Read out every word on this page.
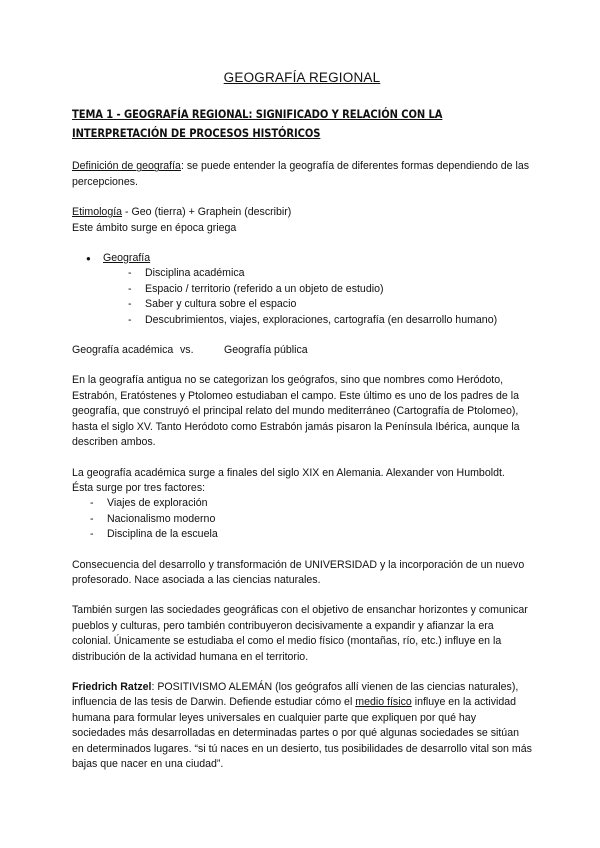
GEOGRAFÍA REGIONAL
TEMA 1 - GEOGRAFÍA REGIONAL: SIGNIFICADO Y RELACIÓN CON LA INTERPRETACIÓN DE PROCESOS HISTÓRICOS

Definición de geografía: se puede entender la geografía de diferentes formas dependiendo de las percepciones.

Etimología - Geo (tierra) + Graphein (describir)

Este ámbito surge en época griega

● Geografía
- Disciplina académica
- Espacio / territorio (referido a un objeto de estudio)
- Saber y cultura sobre el espacio
- Descubrimientos, viajes, exploraciones, cartografía (en desarrollo humano)

Geografía académica vs.	Geografía pública

En la geografía antigua no se categorizan los geógrafos, sino que nombres como Heródoto, Estrabón, Eratóstenes y Ptolomeo estudiaban el campo. Este último es uno de los padres de la geografía, que construyó el principal relato del mundo mediterráneo (Cartografía de Ptolomeo), hasta el siglo XV. Tanto Heródoto como Estrabón jamás pisaron la Península Ibérica, aunque la describen ambos.

La geografía académica surge a finales del siglo XIX en Alemania. Alexander von Humboldt.

Ésta surge por tres factores:

- Viajes de exploración
- Nacionalismo moderno
- Disciplina de la escuela

Consecuencia del desarrollo y transformación de UNIVERSIDAD y la incorporación de un nuevo profesorado. Nace asociada a las ciencias naturales.

También surgen las sociedades geográficas con el objetivo de ensanchar horizontes y comunicar pueblos y culturas, pero también contribuyeron decisivamente a expandir y afianzar la era colonial. Únicamente se estudiaba el como el medio físico (montañas, río, etc.) influye en la distribución de la actividad humana en el territorio.

Friedrich Ratzel: POSITIVISMO ALEMÁN (los geógrafos allí vienen de las ciencias naturales), influencia de las tesis de Darwin. Defiende estudiar cómo el medio físico influye en la actividad humana para formular leyes universales en cualquier parte que expliquen por qué hay sociedades más desarrolladas en determinadas partes o por qué algunas sociedades se sitúan en determinados lugares. “si tú naces en un desierto, tus posibilidades de desarrollo vital son más bajas que nacer en una ciudad”.
